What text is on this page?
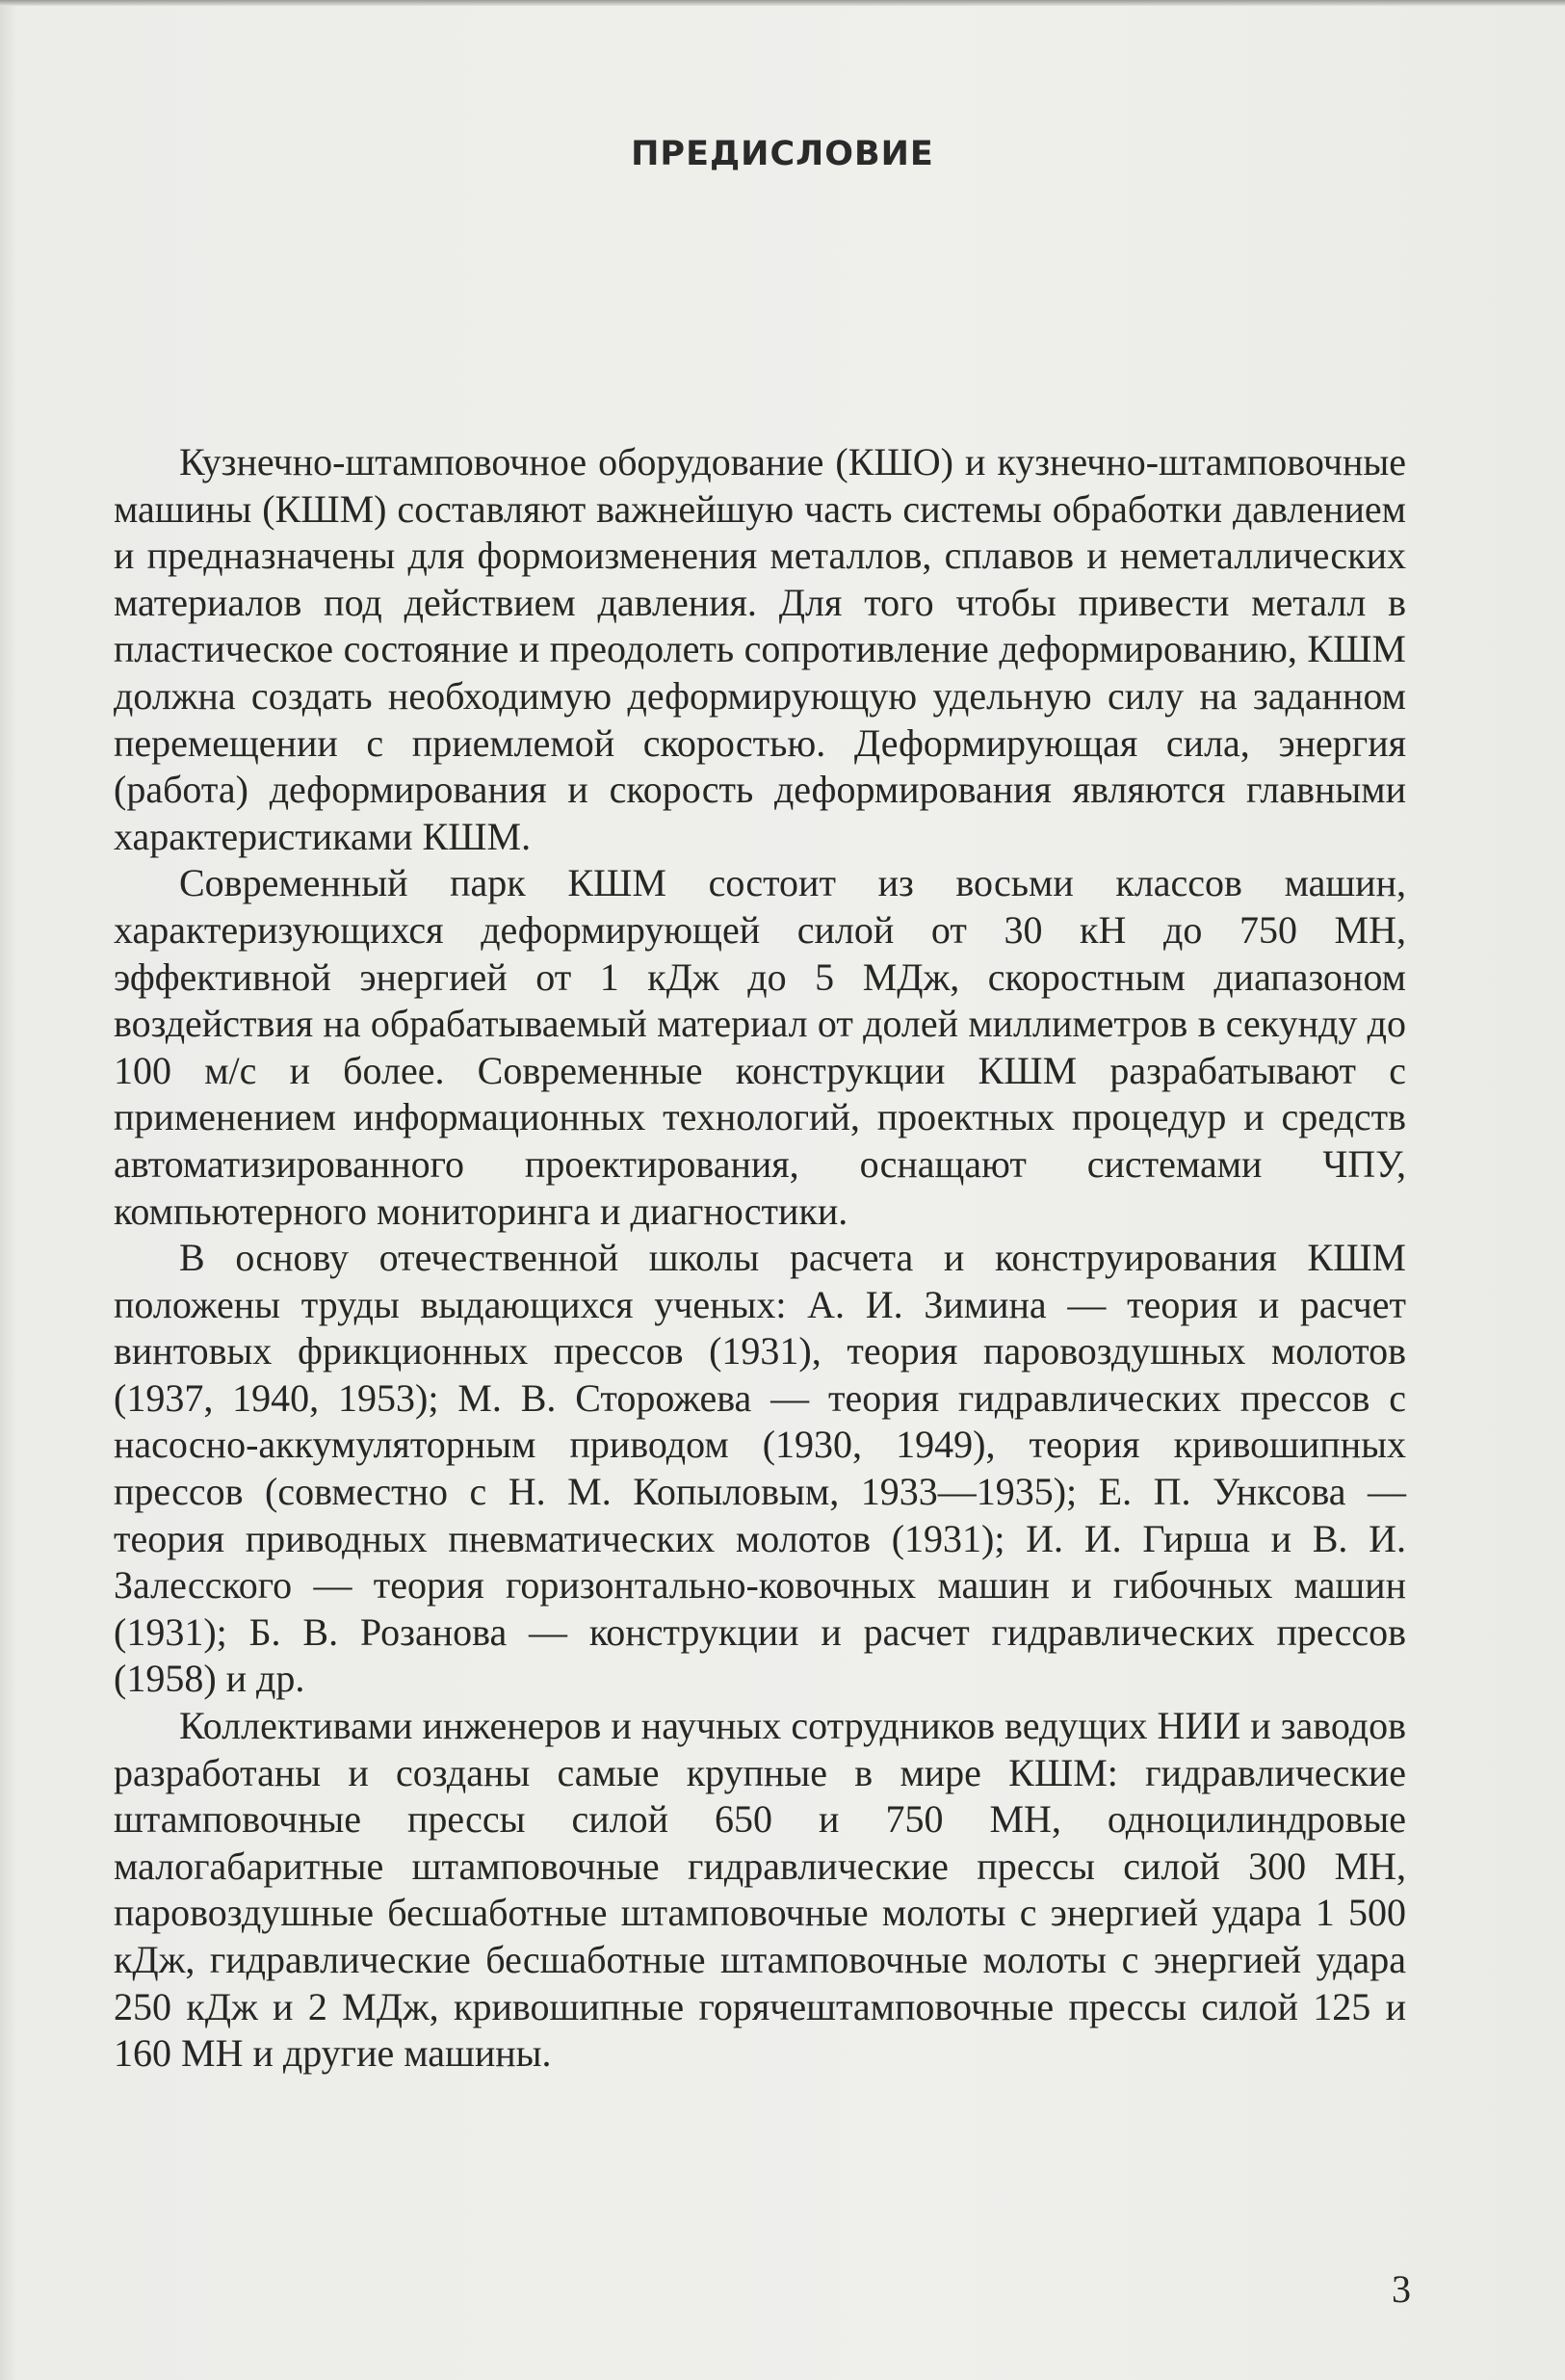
ПРЕДИСЛОВИЕ

Кузнечно-штамповочное оборудование (КШО) и кузнечно-штамповочные машины (КШМ) составляют важнейшую часть системы обработки давлением и предназначены для формоизменения металлов, сплавов и неметаллических материалов под действием давления. Для того чтобы привести металл в пластическое состояние и преодолеть сопротивление деформированию, КШМ должна создать необходимую деформирующую удельную силу на заданном перемещении с приемлемой скоростью. Деформирующая сила, энергия (работа) деформирования и скорость деформирования являются главными характеристиками КШМ.

Современный парк КШМ состоит из восьми классов машин, характеризующихся деформирующей силой от 30 кН до 750 МН, эффективной энергией от 1 кДж до 5 МДж, скоростным диапазоном воздействия на обрабатываемый материал от долей миллиметров в секунду до 100 м/с и более. Современные конструкции КШМ разрабатывают с применением информационных технологий, проектных процедур и средств автоматизированного проектирования, оснащают системами ЧПУ, компьютерного мониторинга и диагностики.

В основу отечественной школы расчета и конструирования КШМ положены труды выдающихся ученых: А. И. Зимина — теория и расчет винтовых фрикционных прессов (1931), теория паровоздушных молотов (1937, 1940, 1953); М. В. Сторожева — теория гидравлических прессов с насосно-аккумуляторным приводом (1930, 1949), теория кривошипных прессов (совместно с Н. М. Копыловым, 1933—1935); Е. П. Унксова — теория приводных пневматических молотов (1931); И. И. Гирша и В. И. Залесского — теория горизонтально-ковочных машин и гибочных машин (1931); Б. В. Розанова — конструкции и расчет гидравлических прессов (1958) и др.

Коллективами инженеров и научных сотрудников ведущих НИИ и заводов разработаны и созданы самые крупные в мире КШМ: гидравлические штамповочные прессы силой 650 и 750 МН, одноцилиндровые малогабаритные штамповочные гидравлические прессы силой 300 МН, паровоздушные бесшаботные штамповочные молоты с энергией удара 1 500 кДж, гидравлические бесшаботные штамповочные молоты с энергией удара 250 кДж и 2 МДж, кривошипные горячештамповочные прессы силой 125 и 160 МН и другие машины.

3
